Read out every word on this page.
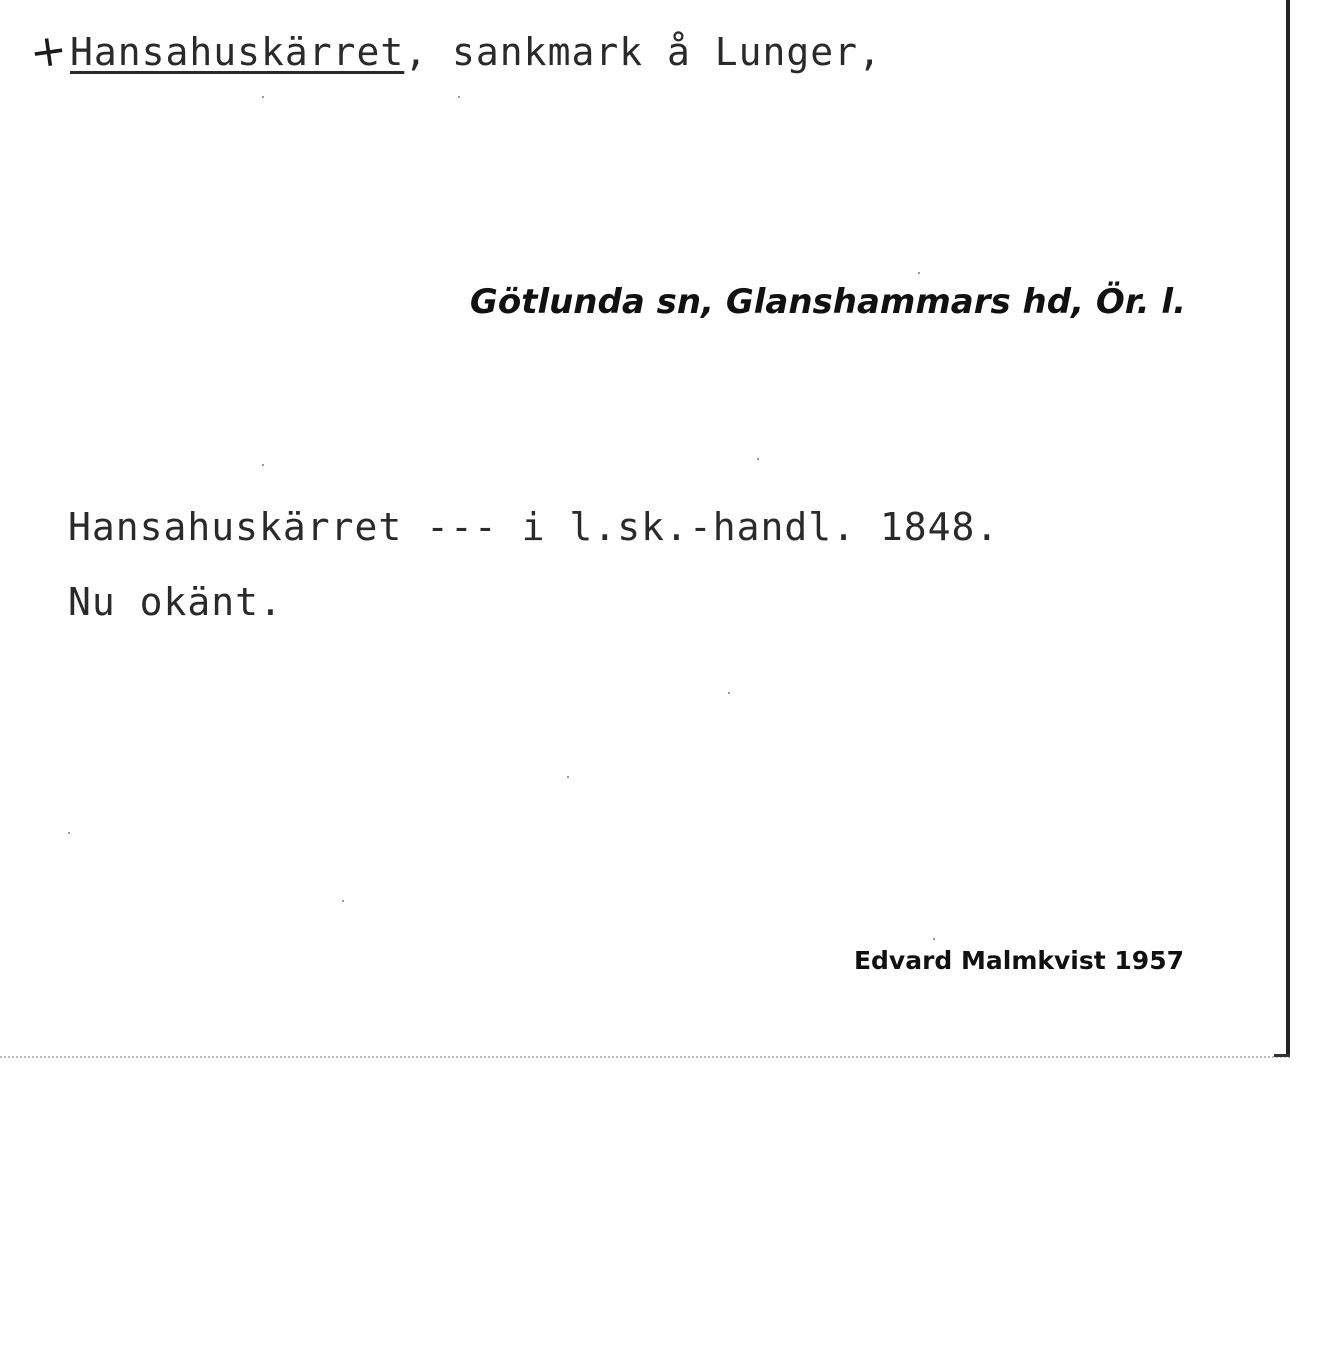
+ Hansahuskärret, sankmark å Lunger,
Götlunda sn, Glanshammars hd, Ör. l.
Hansahuskärret --- i l.sk.-handl. 1848.
Nu okänt.
Edvard Malmkvist 1957
